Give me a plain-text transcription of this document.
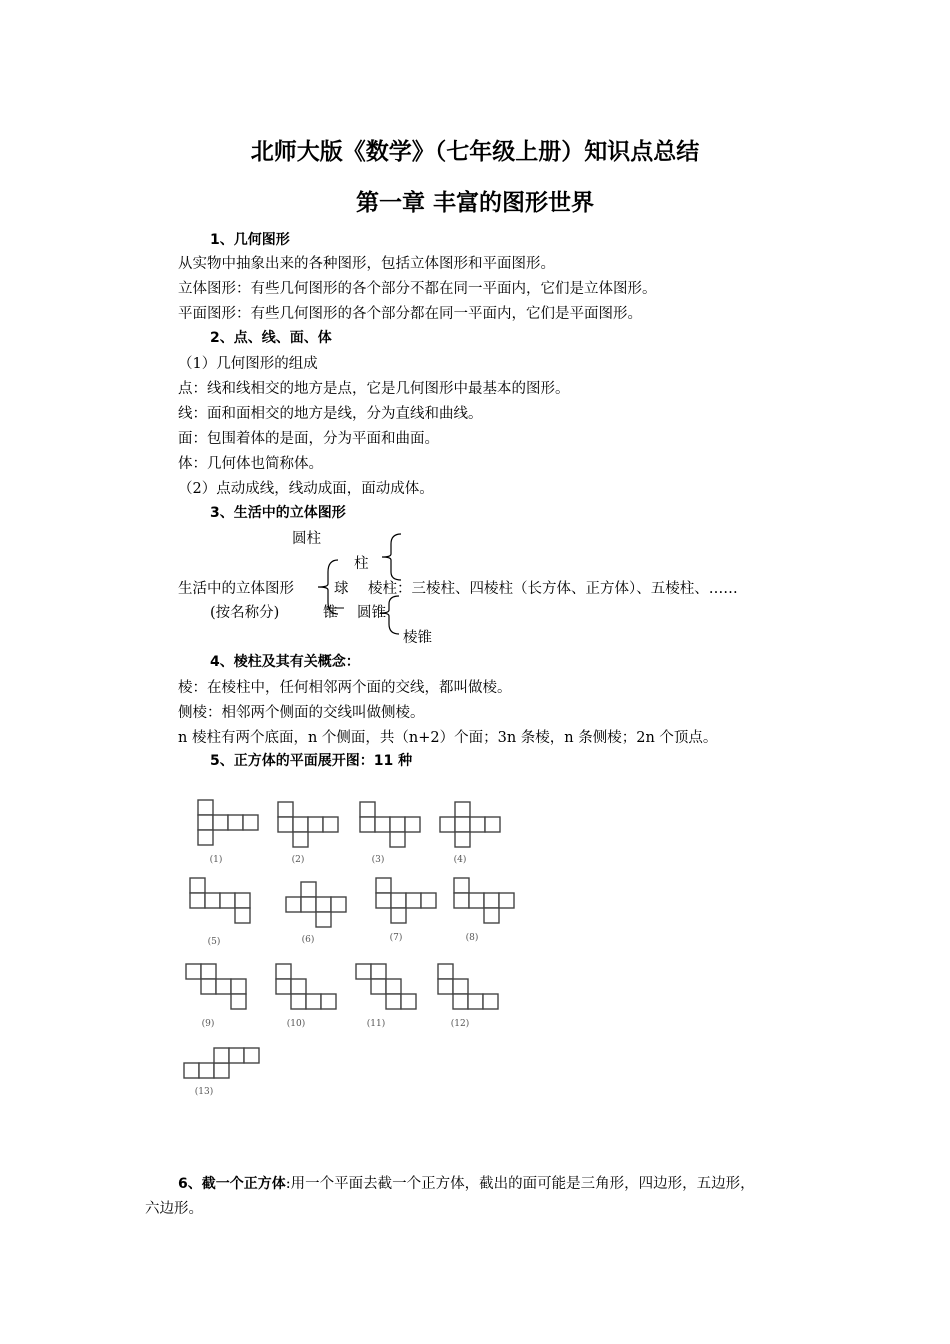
北师大版《数学》（七年级上册）知识点总结
第一章 丰富的图形世界
1、几何图形
从实物中抽象出来的各种图形，包括立体图形和平面图形。
立体图形：有些几何图形的各个部分不都在同一平面内，它们是立体图形。
平面图形：有些几何图形的各个部分都在同一平面内，它们是平面图形。
2、点、线、面、体
（1）几何图形的组成
点：线和线相交的地方是点，它是几何图形中最基本的图形。
线：面和面相交的地方是线，分为直线和曲线。
面：包围着体的是面，分为平面和曲面。
体：几何体也简称体。
（2）点动成线，线动成面，面动成体。
3、生活中的立体图形
圆柱
柱
生活中的立体图形	球 棱柱：三棱柱、四棱柱（长方体、正方体）、五棱柱、……
(按名称分)	锥 圆锥
棱锥
4、棱柱及其有关概念：
棱：在棱柱中，任何相邻两个面的交线，都叫做棱。
侧棱：相邻两个侧面的交线叫做侧棱。
n 棱柱有两个底面，n 个侧面，共（n+2）个面；3n 条棱，n 条侧棱；2n 个顶点。
5、正方体的平面展开图：11 种
(1)	(2)	(3)	(4)
(5)	(6)	(7)	(8)
(9)	(10)	(11)	(12)
(13)
6、截一个正方体:用一个平面去截一个正方体，截出的面可能是三角形，四边形，五边形，
六边形。
